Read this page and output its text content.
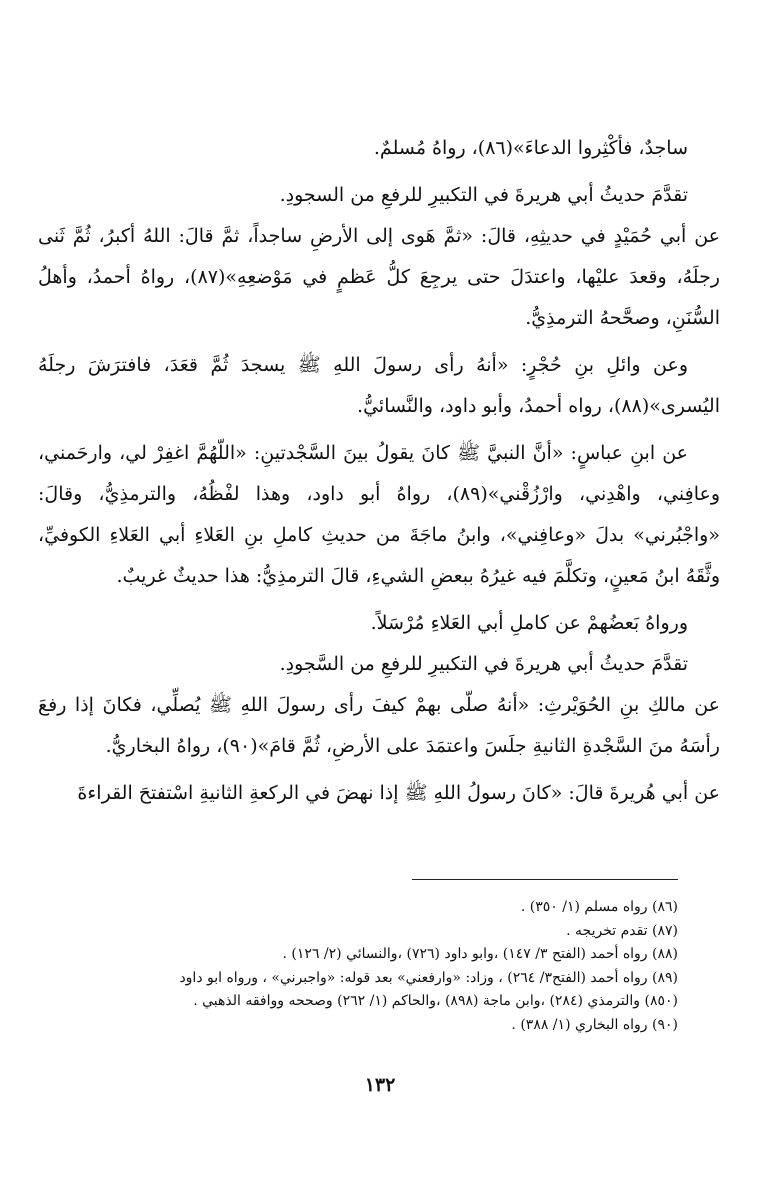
ساجدٌ، فأكْثِروا الدعاءَ»(٨٦)، رواهُ مُسلمٌ.

تقدَّمَ حديثُ أبي هريرةَ في التكبيرِ للرفعِ من السجودِ.

عن أبي حُمَيْدٍ في حديثِهِ، قالَ: «ثمَّ هَوى إلى الأرضِ ساجداً، ثمَّ قالَ: اللهُ أكبرُ، ثُمَّ ثَنى رجلَهُ، وقعدَ عليْها، واعتدَلَ حتى يرجِعَ كلُّ عَظمٍ في مَوْضعِهِ»(٨٧)، رواهُ أحمدُ، وأهلُ السُّنَنِ، وصحَّحهُ الترمذِيُّ.

وعن وائلِ بنِ حُجْرٍ: «أنهُ رأى رسولَ اللهِ ﷺ يسجدَ ثُمَّ قعَدَ، فافترَشَ رجلَهُ اليُسرى»(٨٨)، رواه أحمدُ، وأبو داود، والنَّسائيُّ.

عن ابنِ عباسٍ: «أنَّ النبيَّ ﷺ كانَ يقولُ بينَ السَّجْدتينِ: «اللّهُمَّ اغفِرْ لي، وارحَمني، وعافِني، واهْدِني، وارْزُقْني»(٨٩)، رواهُ أبو داود، وهذا لفْظُهُ، والترمذِيُّ، وقالَ: «واجْبُرني» بدلَ «وعافِني»، وابنُ ماجَةَ من حديثِ كاملِ بنِ العَلاءِ أبي العَلاءِ الكوفيِّ، وثَّقَهُ ابنُ مَعينٍ، وتكلَّمَ فيه غيرُهُ ببعضِ الشيءِ، قالَ الترمذِيُّ: هذا حديثٌ غريبٌ.

ورواهُ بَعضُهمْ عن كاملِ أبي العَلاءِ مُرْسَلاً.

تقدَّمَ حديثُ أبي هريرةَ في التكبيرِ للرفعِ من السَّجودِ.

عن مالكِ بنِ الحُوَيْرثِ: «أنهُ صلّى بهمْ كيفَ رأى رسولَ اللهِ ﷺ يُصلِّي، فكانَ إذا رفعَ رأسَهُ منَ السَّجْدةِ الثانيةِ جلَسَ واعتمَدَ على الأرضِ، ثُمَّ قامَ»(٩٠)، رواهُ البخاريُّ.

عن أبي هُريرةَ قالَ: «كانَ رسولُ اللهِ ﷺ إذا نهضَ في الركعةِ الثانيةِ اسْتفتحَ القراءةَ

(٨٦) رواه مسلم (١/ ٣٥٠) .

(٨٧) تقدم تخريجه .

(٨٨) رواه أحمد (الفتح ٣/ ١٤٧) ،وابو داود (٧٢٦) ،والنسائي (٢/ ١٢٦) .

(٨٩) رواه أحمد (الفتح٣/ ٢٦٤) ، وزاد: «وارفعني» بعد قوله: «واجبرني» ، ورواه ابو داود

(٨٥٠) والترمذي (٢٨٤) ،وابن ماجة (٨٩٨) ،والحاكم (١/ ٢٦٢) وصححه ووافقه الذهبي .

(٩٠) رواه البخاري (١/ ٣٨٨) .

١٣٢
